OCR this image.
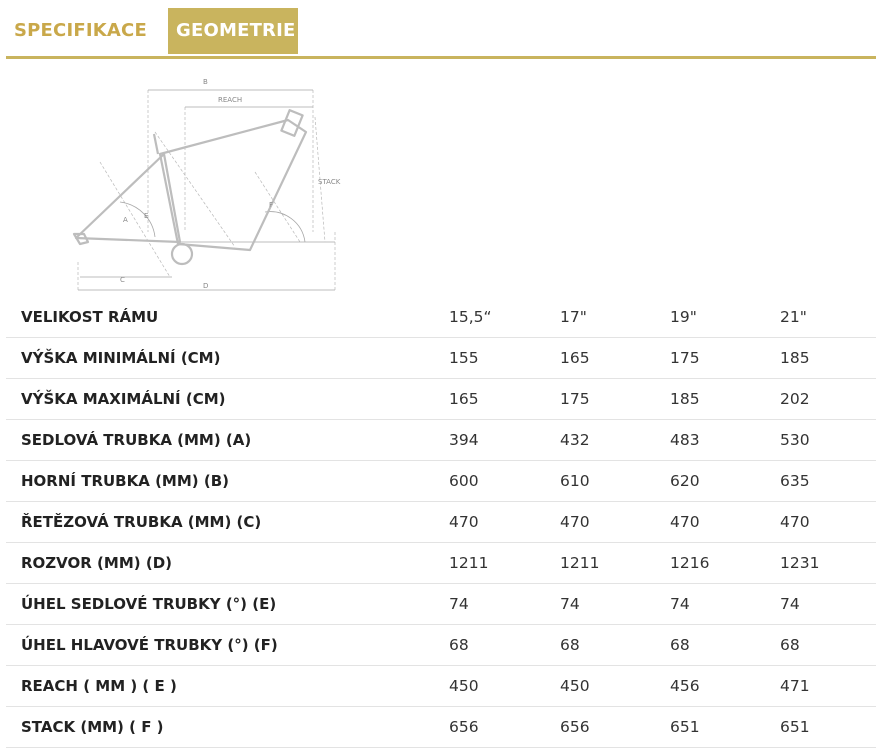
SPECIFIKACE	GEOMETRIE
B
REACH
STACK
A E
F
C
D
VELIKOST RÁMU	15,5“	17"	19"	21"
VÝŠKA MINIMÁLNÍ (CM)	155	165	175	185
VÝŠKA MAXIMÁLNÍ (CM)	165	175	185	202
SEDLOVÁ TRUBKA (MM) (A)	394	432	483	530
HORNÍ TRUBKA (MM) (B)	600	610	620	635
ŘETĚZOVÁ TRUBKA (MM) (C)	470	470	470	470
ROZVOR (MM) (D)	1211	1211	1216	1231
ÚHEL SEDLOVÉ TRUBKY (°) (E)	74	74	74	74
ÚHEL HLAVOVÉ TRUBKY (°) (F)	68	68	68	68
REACH ( MM ) ( E )	450	450	456	471
STACK (MM) ( F )	656	656	651	651
